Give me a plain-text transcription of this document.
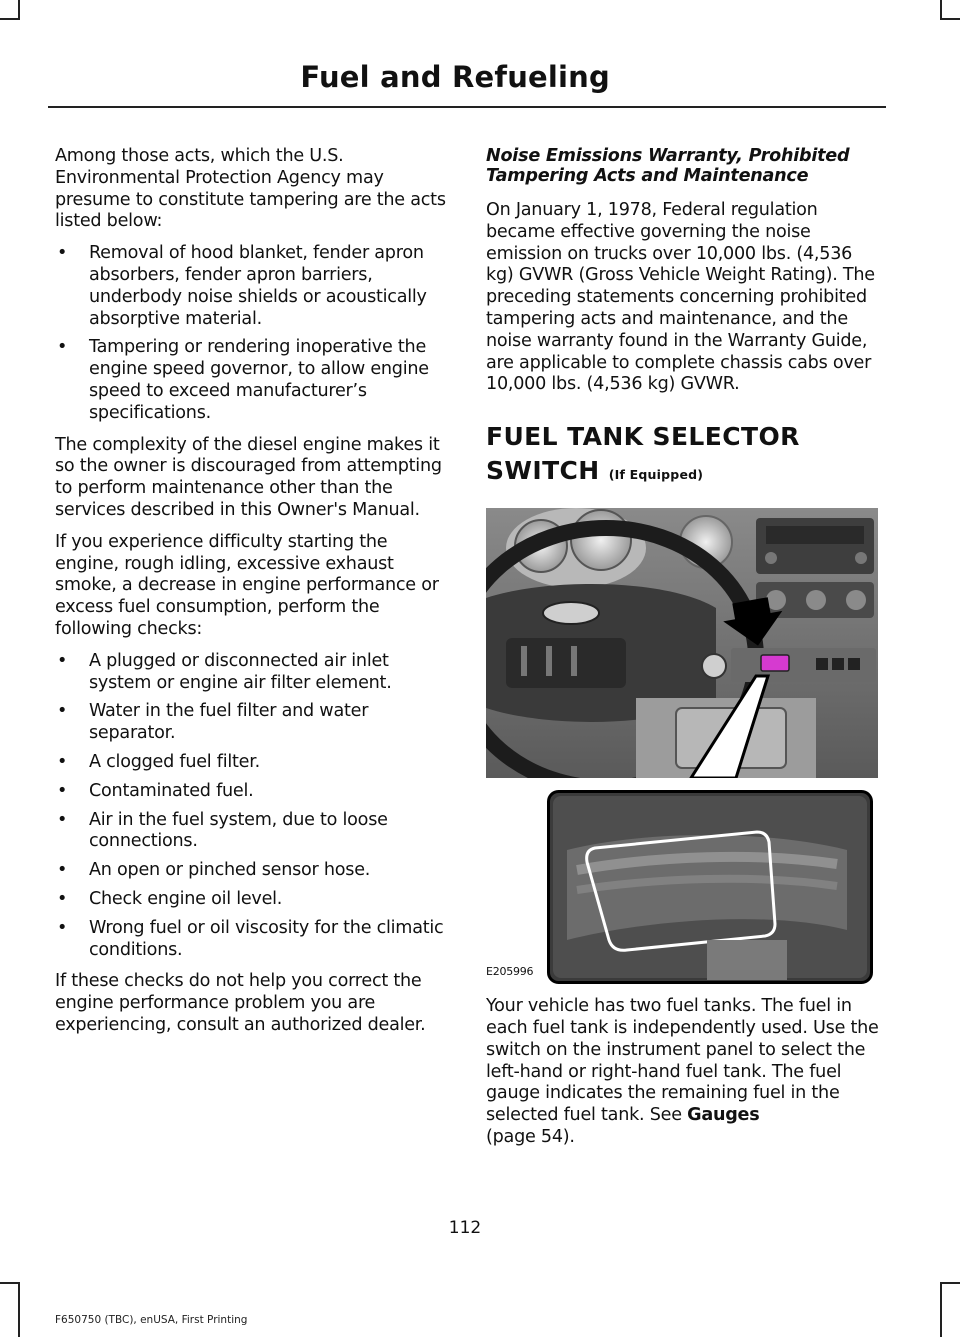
Fuel and Refueling

Among those acts, which the U.S. Environmental Protection Agency may presume to constitute tampering are the acts listed below:

• Removal of hood blanket, fender apron absorbers, fender apron barriers, underbody noise shields or acoustically absorptive material.
• Tampering or rendering inoperative the engine speed governor, to allow engine speed to exceed manufacturer’s specifications.

The complexity of the diesel engine makes it so the owner is discouraged from attempting to perform maintenance other than the services described in this Owner's Manual.

If you experience difficulty starting the engine, rough idling, excessive exhaust smoke, a decrease in engine performance or excess fuel consumption, perform the following checks:

• A plugged or disconnected air inlet system or engine air filter element.
• Water in the fuel filter and water separator.
• A clogged fuel filter.
• Contaminated fuel.
• Air in the fuel system, due to loose connections.
• An open or pinched sensor hose.
• Check engine oil level.
• Wrong fuel or oil viscosity for the climatic conditions.

If these checks do not help you correct the engine performance problem you are experiencing, consult an authorized dealer.

Noise Emissions Warranty, Prohibited Tampering Acts and Maintenance

On January 1, 1978, Federal regulation became effective governing the noise emission on trucks over 10,000 lbs. (4,536 kg) GVWR (Gross Vehicle Weight Rating). The preceding statements concerning prohibited tampering acts and maintenance, and the noise warranty found in the Warranty Guide, are applicable to complete chassis cabs over 10,000 lbs. (4,536 kg) GVWR.

FUEL TANK SELECTOR
SWITCH (If Equipped)
E205996

Your vehicle has two fuel tanks. The fuel in each fuel tank is independently used. Use the switch on the instrument panel to select the left-hand or right-hand fuel tank. The fuel gauge indicates the remaining fuel in the selected fuel tank. See Gauges
(page 54).

112
F650750 (TBC), enUSA, First Printing
